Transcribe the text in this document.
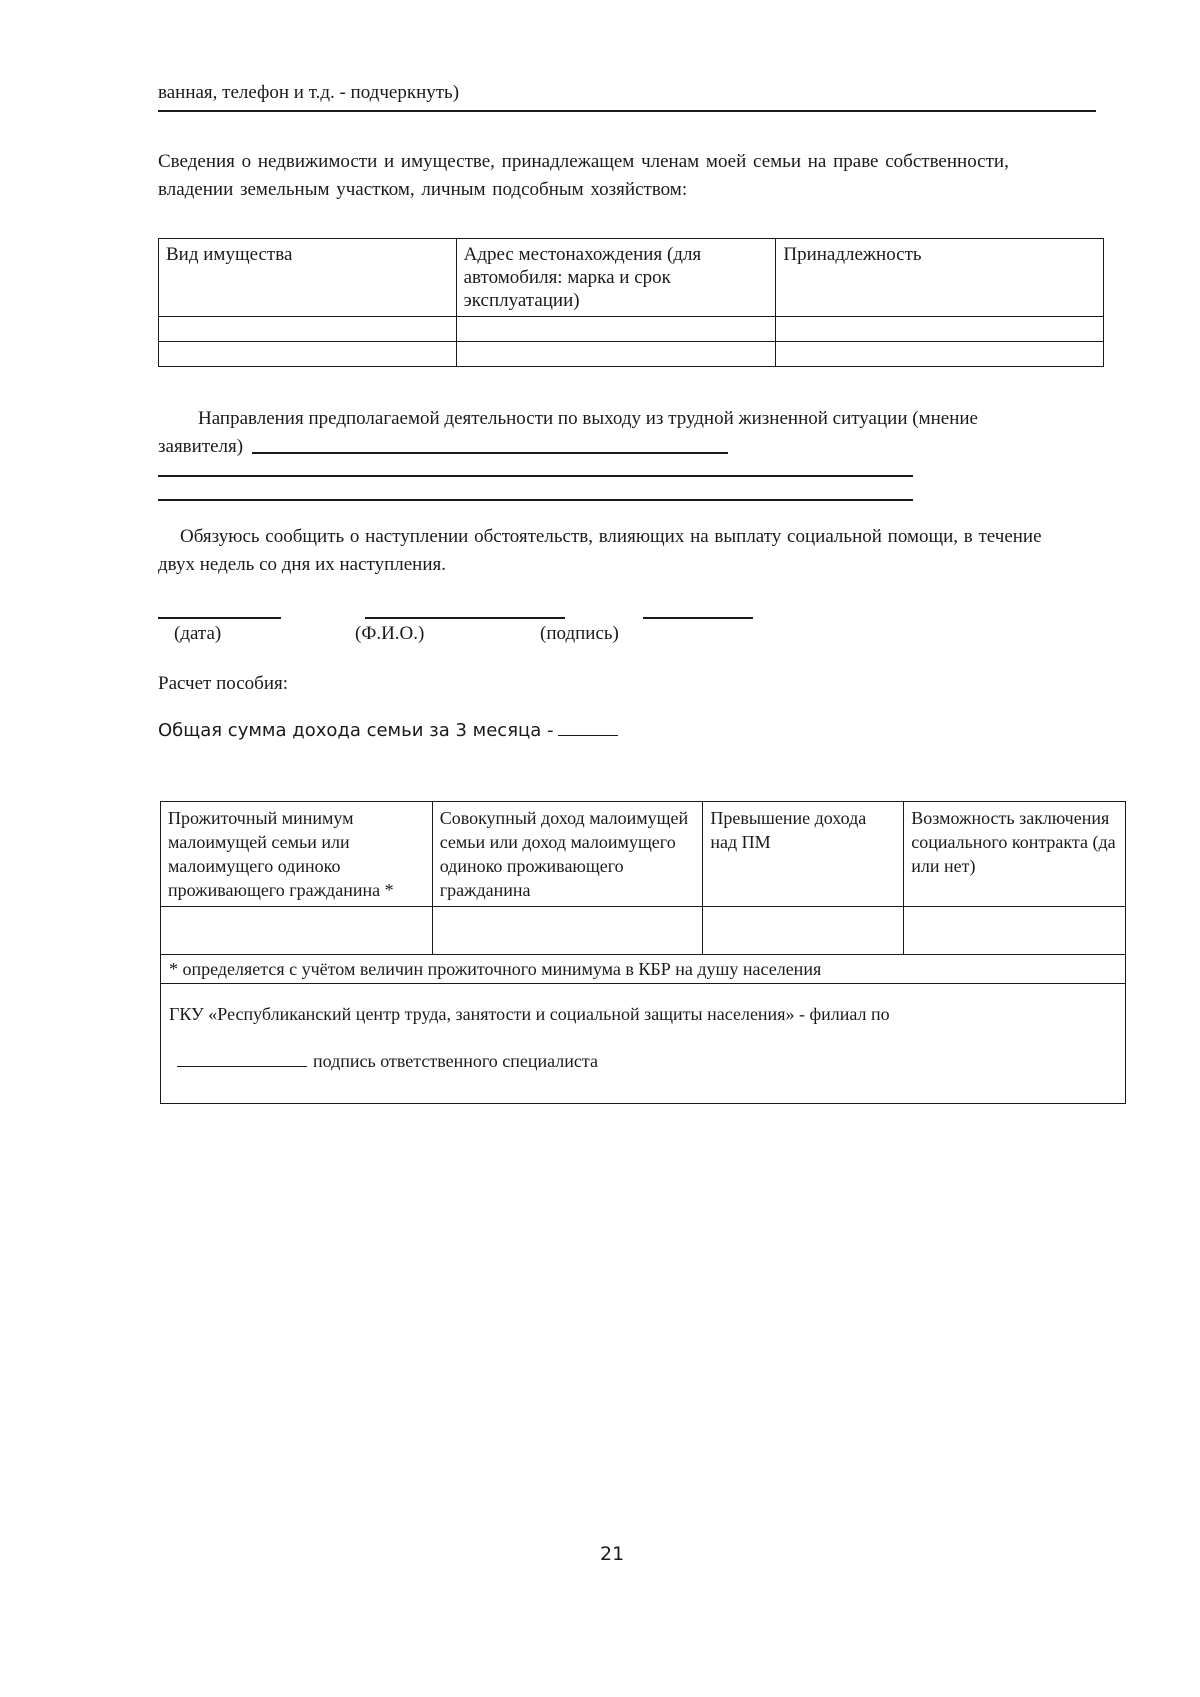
ванная, телефон и т.д. - подчеркнуть)
Сведения о недвижимости и имуществе, принадлежащем членам моей семьи на праве собственности, владении земельным участком, личным подсобным хозяйством:
Вид имущества	Адрес местонахождения (для автомобиля: марка и срок эксплуатации)	Принадлежность

Направления предполагаемой деятельности по выходу из трудной жизненной ситуации (мнение
заявителя)
Обязуюсь сообщить о наступлении обстоятельств, влияющих на выплату социальной помощи, в течение
двух недель со дня их наступления.
(дата)	(Ф.И.О.)	(подпись)
Расчет пособия:
Общая сумма дохода семьи за 3 месяца -
Прожиточный минимум малоимущей семьи или малоимущего одиноко проживающего гражданина *	Совокупный доход малоимущей семьи или доход малоимущего одиноко проживающего гражданина	Превышение дохода над ПМ	Возможность заключения социального контракта (да или нет)

* определяется с учётом величин прожиточного минимума в КБР на душу населения			

ГКУ «Республиканский центр труда, занятости и социальной защиты населения» - филиал по
подпись ответственного специалиста			
21
